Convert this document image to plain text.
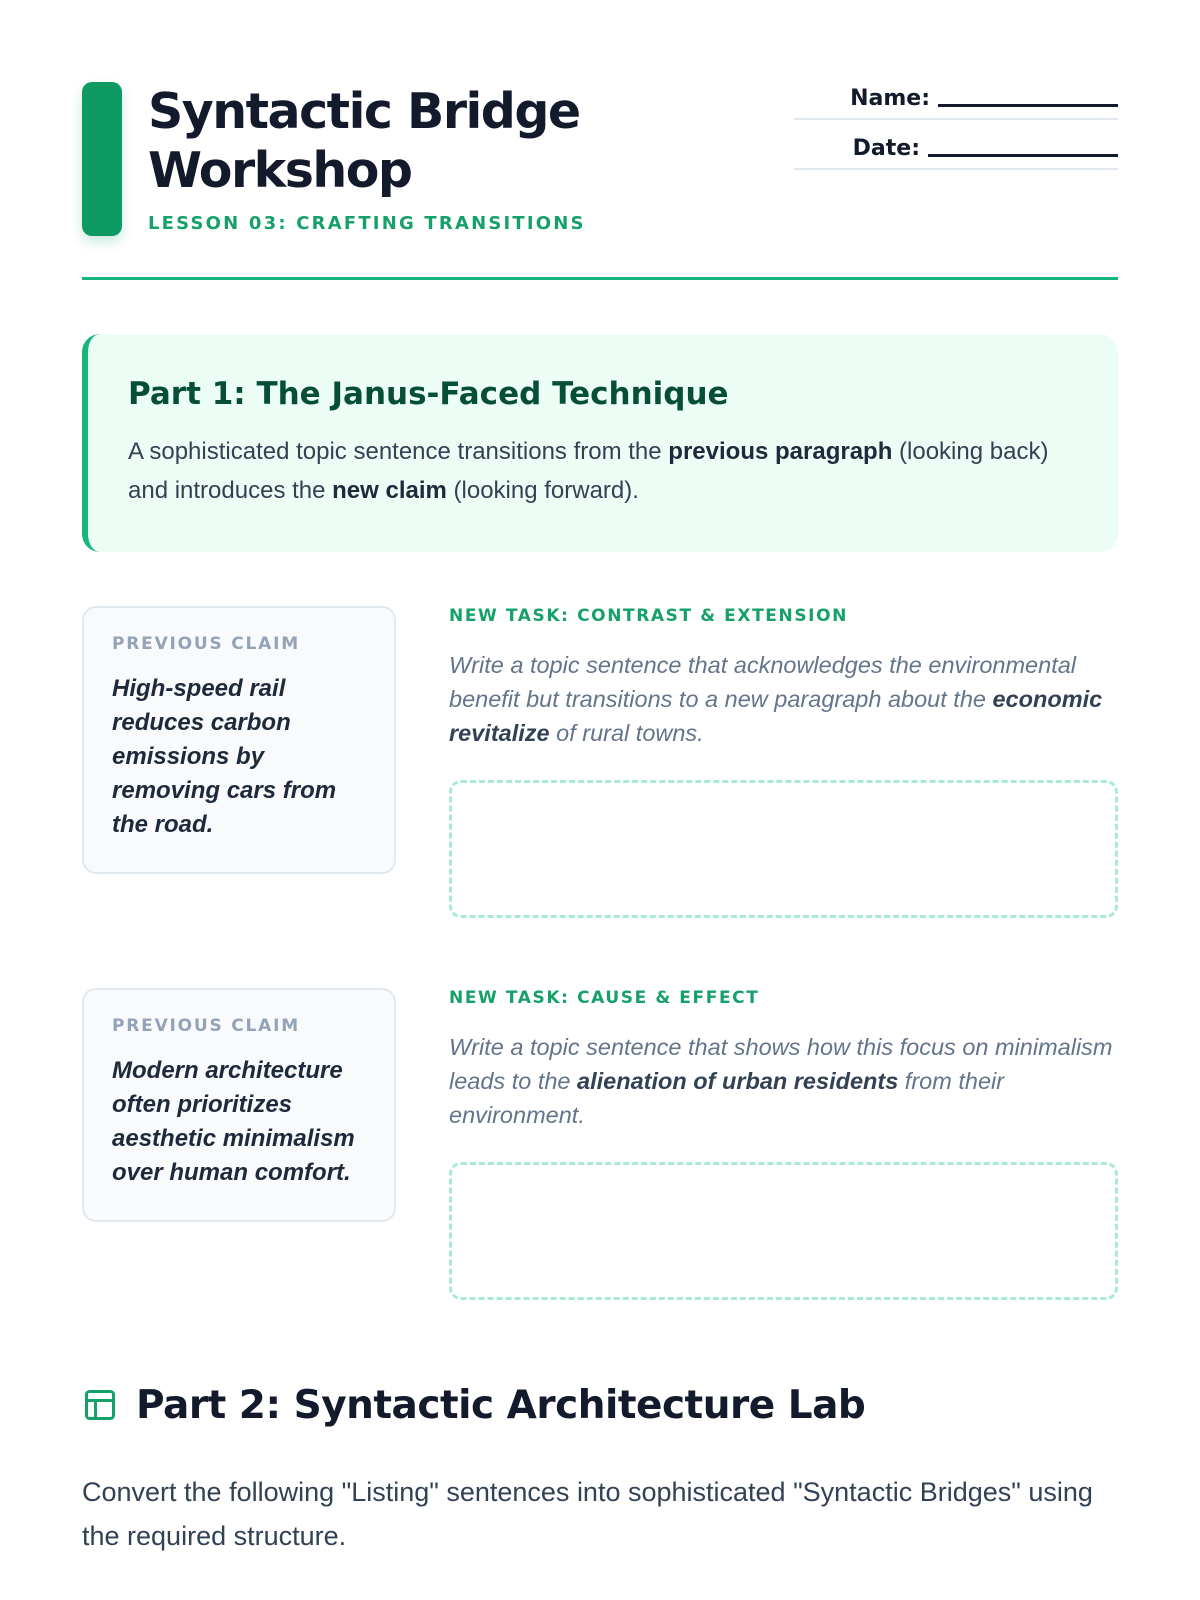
Syntactic Bridge Workshop
LESSON 03: CRAFTING TRANSITIONS
Name:
Date:
Part 1: The Janus-Faced Technique
A sophisticated topic sentence transitions from the previous paragraph (looking back) and introduces the new claim (looking forward).
PREVIOUS CLAIM
High-speed rail reduces carbon emissions by removing cars from the road.
NEW TASK: CONTRAST & EXTENSION
Write a topic sentence that acknowledges the environmental benefit but transitions to a new paragraph about the economic revitalize of rural towns.
PREVIOUS CLAIM
Modern architecture often prioritizes aesthetic minimalism over human comfort.
NEW TASK: CAUSE & EFFECT
Write a topic sentence that shows how this focus on minimalism leads to the alienation of urban residents from their environment.
Part 2: Syntactic Architecture Lab
Convert the following "Listing" sentences into sophisticated "Syntactic Bridges" using the required structure.
